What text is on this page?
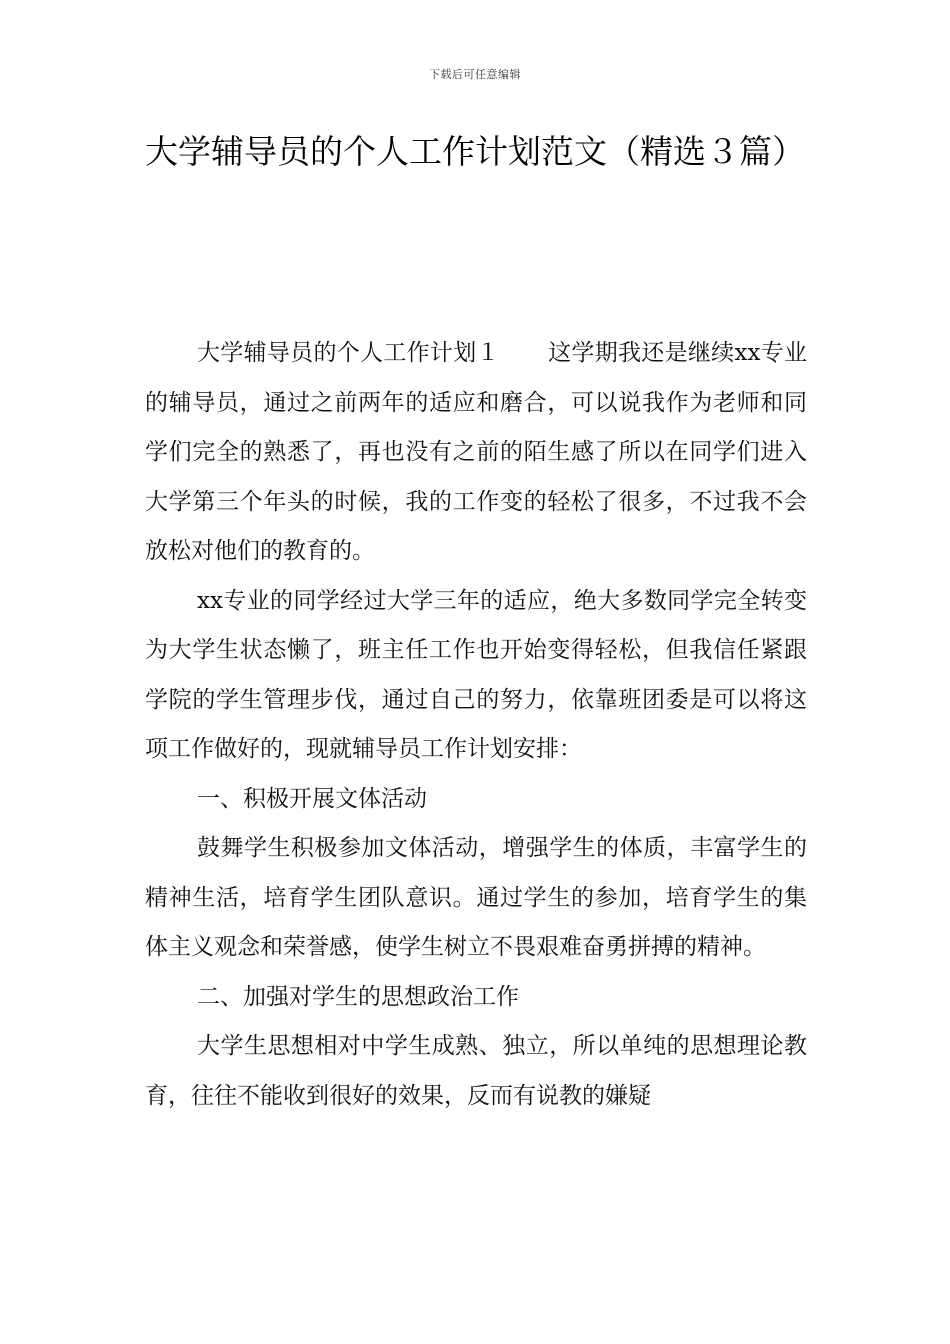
下载后可任意编辑
大学辅导员的个人工作计划范文（精选３篇）

大学辅导员的个人工作计划１ 这学期我还是继续xx专业的辅导员，通过之前两年的适应和磨合，可以说我作为老师和同学们完全的熟悉了，再也没有之前的陌生感了所以在同学们进入大学第三个年头的时候，我的工作变的轻松了很多，不过我不会放松对他们的教育的。

xx专业的同学经过大学三年的适应，绝大多数同学完全转变为大学生状态懒了，班主任工作也开始变得轻松，但我信任紧跟学院的学生管理步伐，通过自己的努力，依靠班团委是可以将这项工作做好的，现就辅导员工作计划安排：

一、积极开展文体活动

鼓舞学生积极参加文体活动，增强学生的体质，丰富学生的精神生活，培育学生团队意识。通过学生的参加，培育学生的集体主义观念和荣誉感，使学生树立不畏艰难奋勇拼搏的精神。

二、加强对学生的思想政治工作

大学生思想相对中学生成熟、独立，所以单纯的思想理论教育，往往不能收到很好的效果，反而有说教的嫌疑
